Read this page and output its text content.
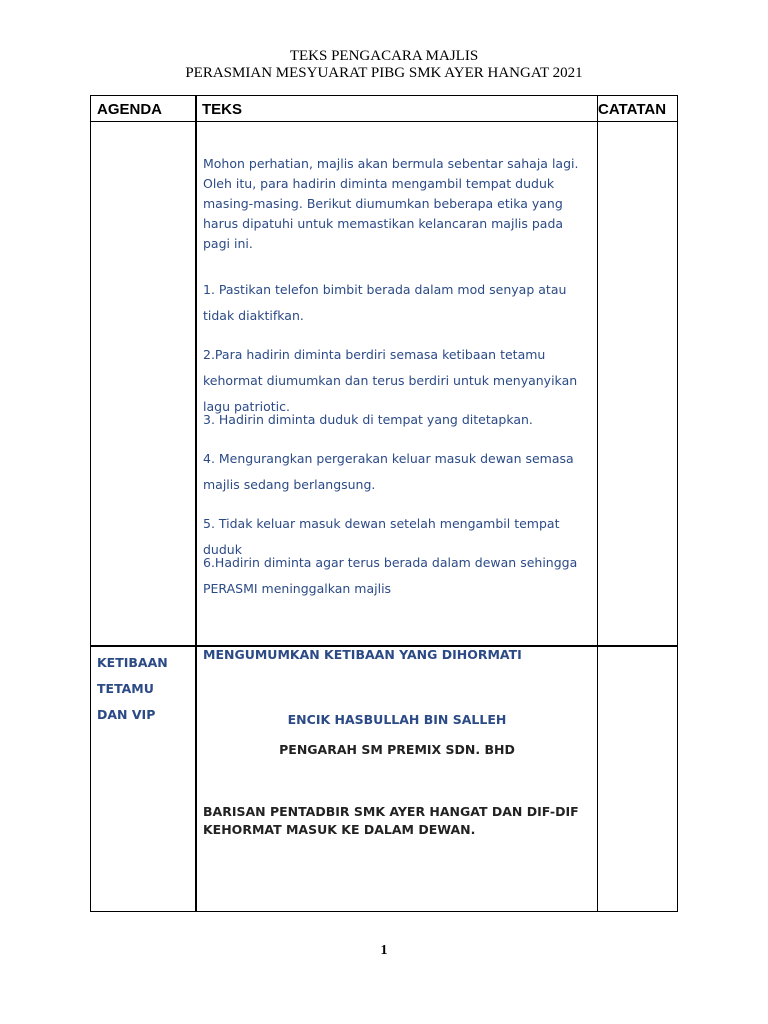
TEKS PENGACARA MAJLIS
PERASMIAN MESYUARAT PIBG SMK AYER HANGAT 2021
AGENDA	TEKS	CATATAN
Mohon perhatian, majlis akan bermula sebentar sahaja lagi. Oleh itu, para hadirin diminta mengambil tempat duduk masing-masing. Berikut diumumkan beberapa etika yang harus dipatuhi untuk memastikan kelancaran majlis pada pagi ini.
1. Pastikan telefon bimbit berada dalam mod senyap atau tidak diaktifkan.
2.Para hadirin diminta berdiri semasa ketibaan tetamu kehormat diumumkan dan terus berdiri untuk menyanyikan lagu patriotic.
3. Hadirin diminta duduk di tempat yang ditetapkan.
4. Mengurangkan pergerakan keluar masuk dewan semasa majlis sedang berlangsung.
5. Tidak keluar masuk dewan setelah mengambil tempat duduk
6.Hadirin diminta agar terus berada dalam dewan sehingga PERASMI meninggalkan majlis
KETIBAAN TETAMU DAN VIP
MENGUMUMKAN KETIBAAN YANG DIHORMATI
ENCIK HASBULLAH BIN SALLEH
PENGARAH SM PREMIX SDN. BHD
BARISAN PENTADBIR SMK AYER HANGAT DAN DIF-DIF KEHORMAT MASUK KE DALAM DEWAN.
1
